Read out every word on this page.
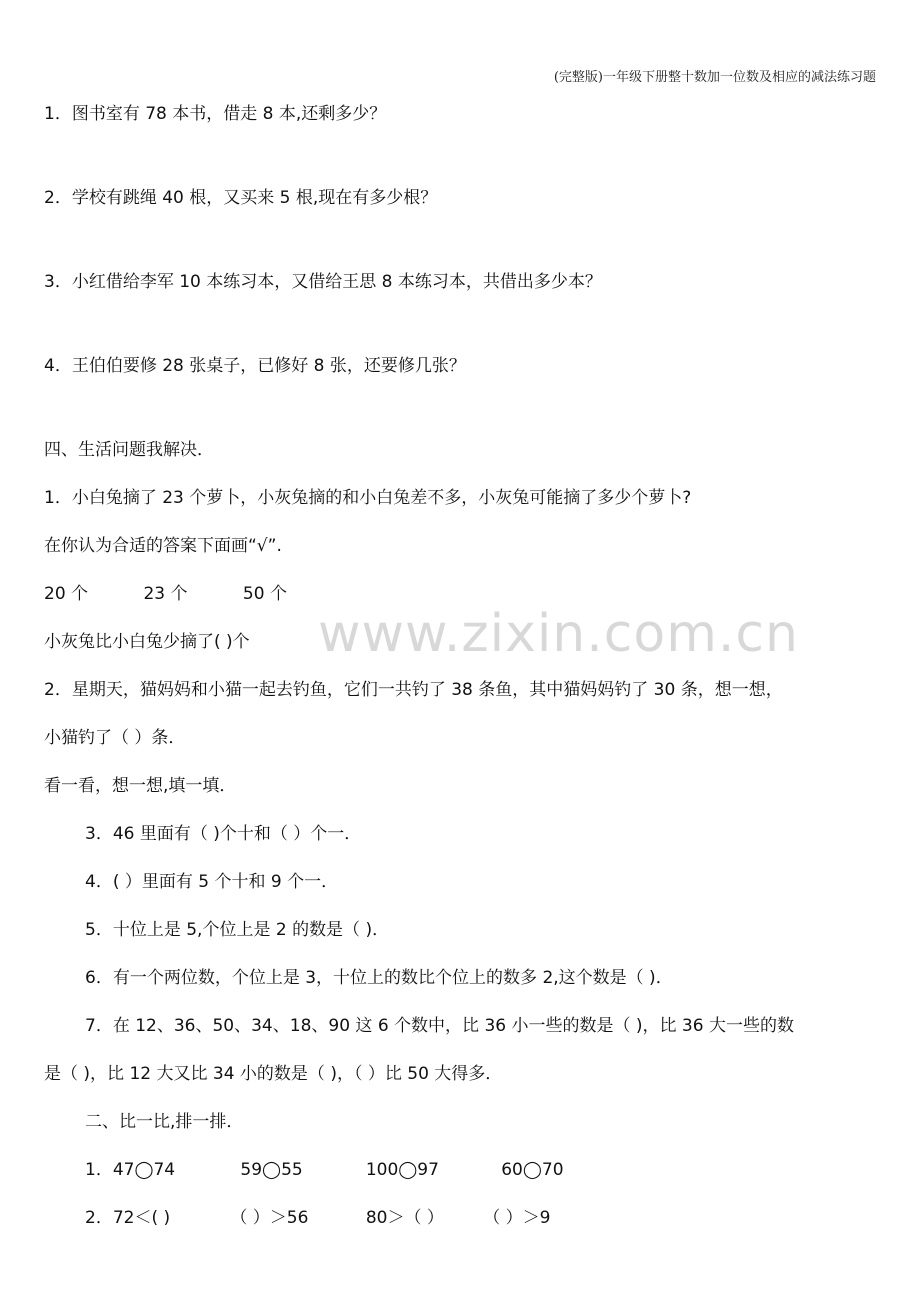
(完整版)一年级下册整十数加一位数及相应的减法练习题
1．图书室有 78 本书，借走 8 本,还剩多少？
2．学校有跳绳 40 根，又买来 5 根,现在有多少根？
3．小红借给李军 10 本练习本，又借给王思 8 本练习本，共借出多少本？
4．王伯伯要修 28 张桌子，已修好 8 张，还要修几张？
四、生活问题我解决．
1．小白兔摘了 23 个萝卜，小灰兔摘的和小白兔差不多，小灰兔可能摘了多少个萝卜?
在你认为合适的答案下面画“√”.
20 个	23 个	50 个
www.zixin.com.cn
小灰兔比小白兔少摘了( )个
2．星期天，猫妈妈和小猫一起去钓鱼，它们一共钓了 38 条鱼，其中猫妈妈钓了 30 条，想一想，
小猫钓了（ ）条．
看一看，想一想,填一填．
3．46 里面有（ )个十和（ ）个一．
4．( ）里面有 5 个十和 9 个一．
5．十位上是 5,个位上是 2 的数是（ )．
6．有一个两位数，个位上是 3，十位上的数比个位上的数多 2,这个数是（ )．
7．在 12、36、50、34、18、90 这 6 个数中，比 36 小一些的数是（ )，比 36 大一些的数
是（ )，比 12 大又比 34 小的数是（ )，（ ）比 50 大得多．
二、比一比,排一排．
1．47◯74	59◯55	100◯97	60◯70
2．72＜( )	（ ）＞56	80＞（ ） （ ）＞9
